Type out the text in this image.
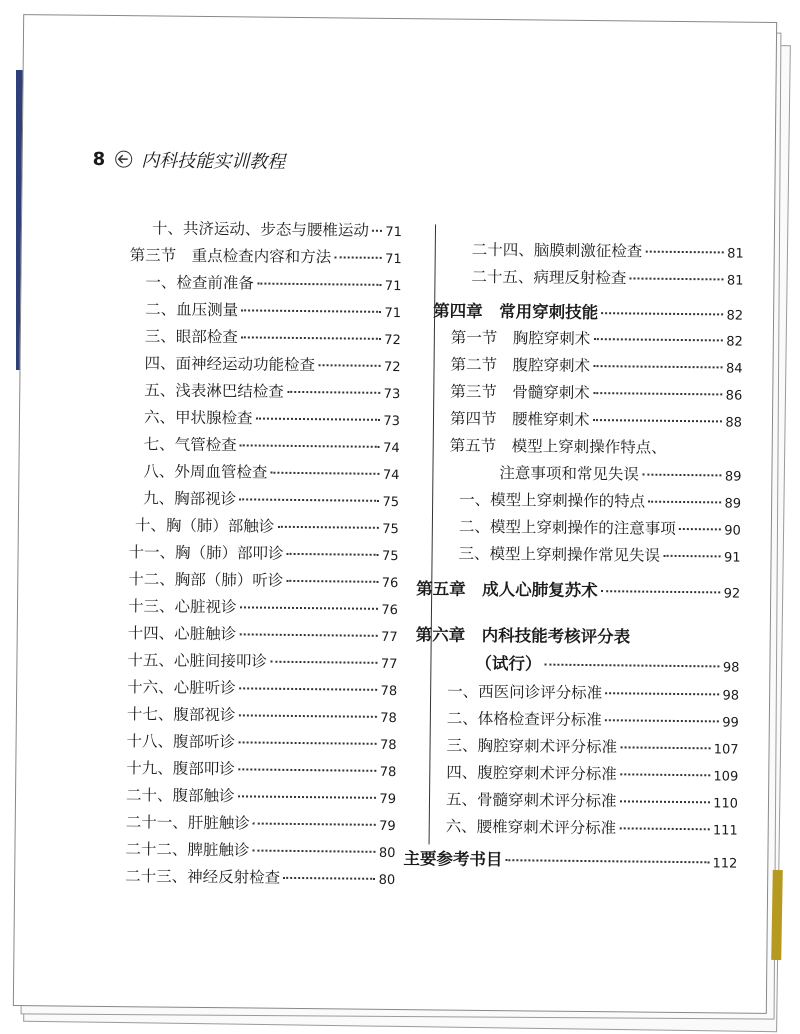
8 内科技能实训教程
十、共济运动、步态与腰椎运动 71
第三节　重点检查内容和方法	71
一、检查前准备	71
二、血压测量	71
三、眼部检查	72
四、面神经运动功能检查	72
五、浅表淋巴结检查	73
六、甲状腺检查	73
七、气管检查	74
八、外周血管检查	74
九、胸部视诊	75
十、胸（肺）部触诊	75
十一、胸（肺）部叩诊	75
十二、胸部（肺）听诊	76
十三、心脏视诊	76
十四、心脏触诊	77
十五、心脏间接叩诊	77
十六、心脏听诊	78
十七、腹部视诊	78
十八、腹部听诊	78
十九、腹部叩诊	78
二十、腹部触诊	79
二十一、肝脏触诊	79
二十二、脾脏触诊	80
二十三、神经反射检查	80
二十四、脑膜刺激征检查	81
二十五、病理反射检查	81
第四章　常用穿刺技能	82
第一节　胸腔穿刺术	82
第二节　腹腔穿刺术	84
第三节　骨髓穿刺术	86
第四节　腰椎穿刺术	88
第五节　模型上穿刺操作特点、
注意事项和常见失误	89
一、模型上穿刺操作的特点	89
二、模型上穿刺操作的注意事项	90
三、模型上穿刺操作常见失误	91
第五章　成人心肺复苏术	92
第六章　内科技能考核评分表
（试行）	98
一、西医问诊评分标准	98
二、体格检查评分标准	99
三、胸腔穿刺术评分标准	107
四、腹腔穿刺术评分标准	109
五、骨髓穿刺术评分标准	110
六、腰椎穿刺术评分标准	111
主要参考书目	112
